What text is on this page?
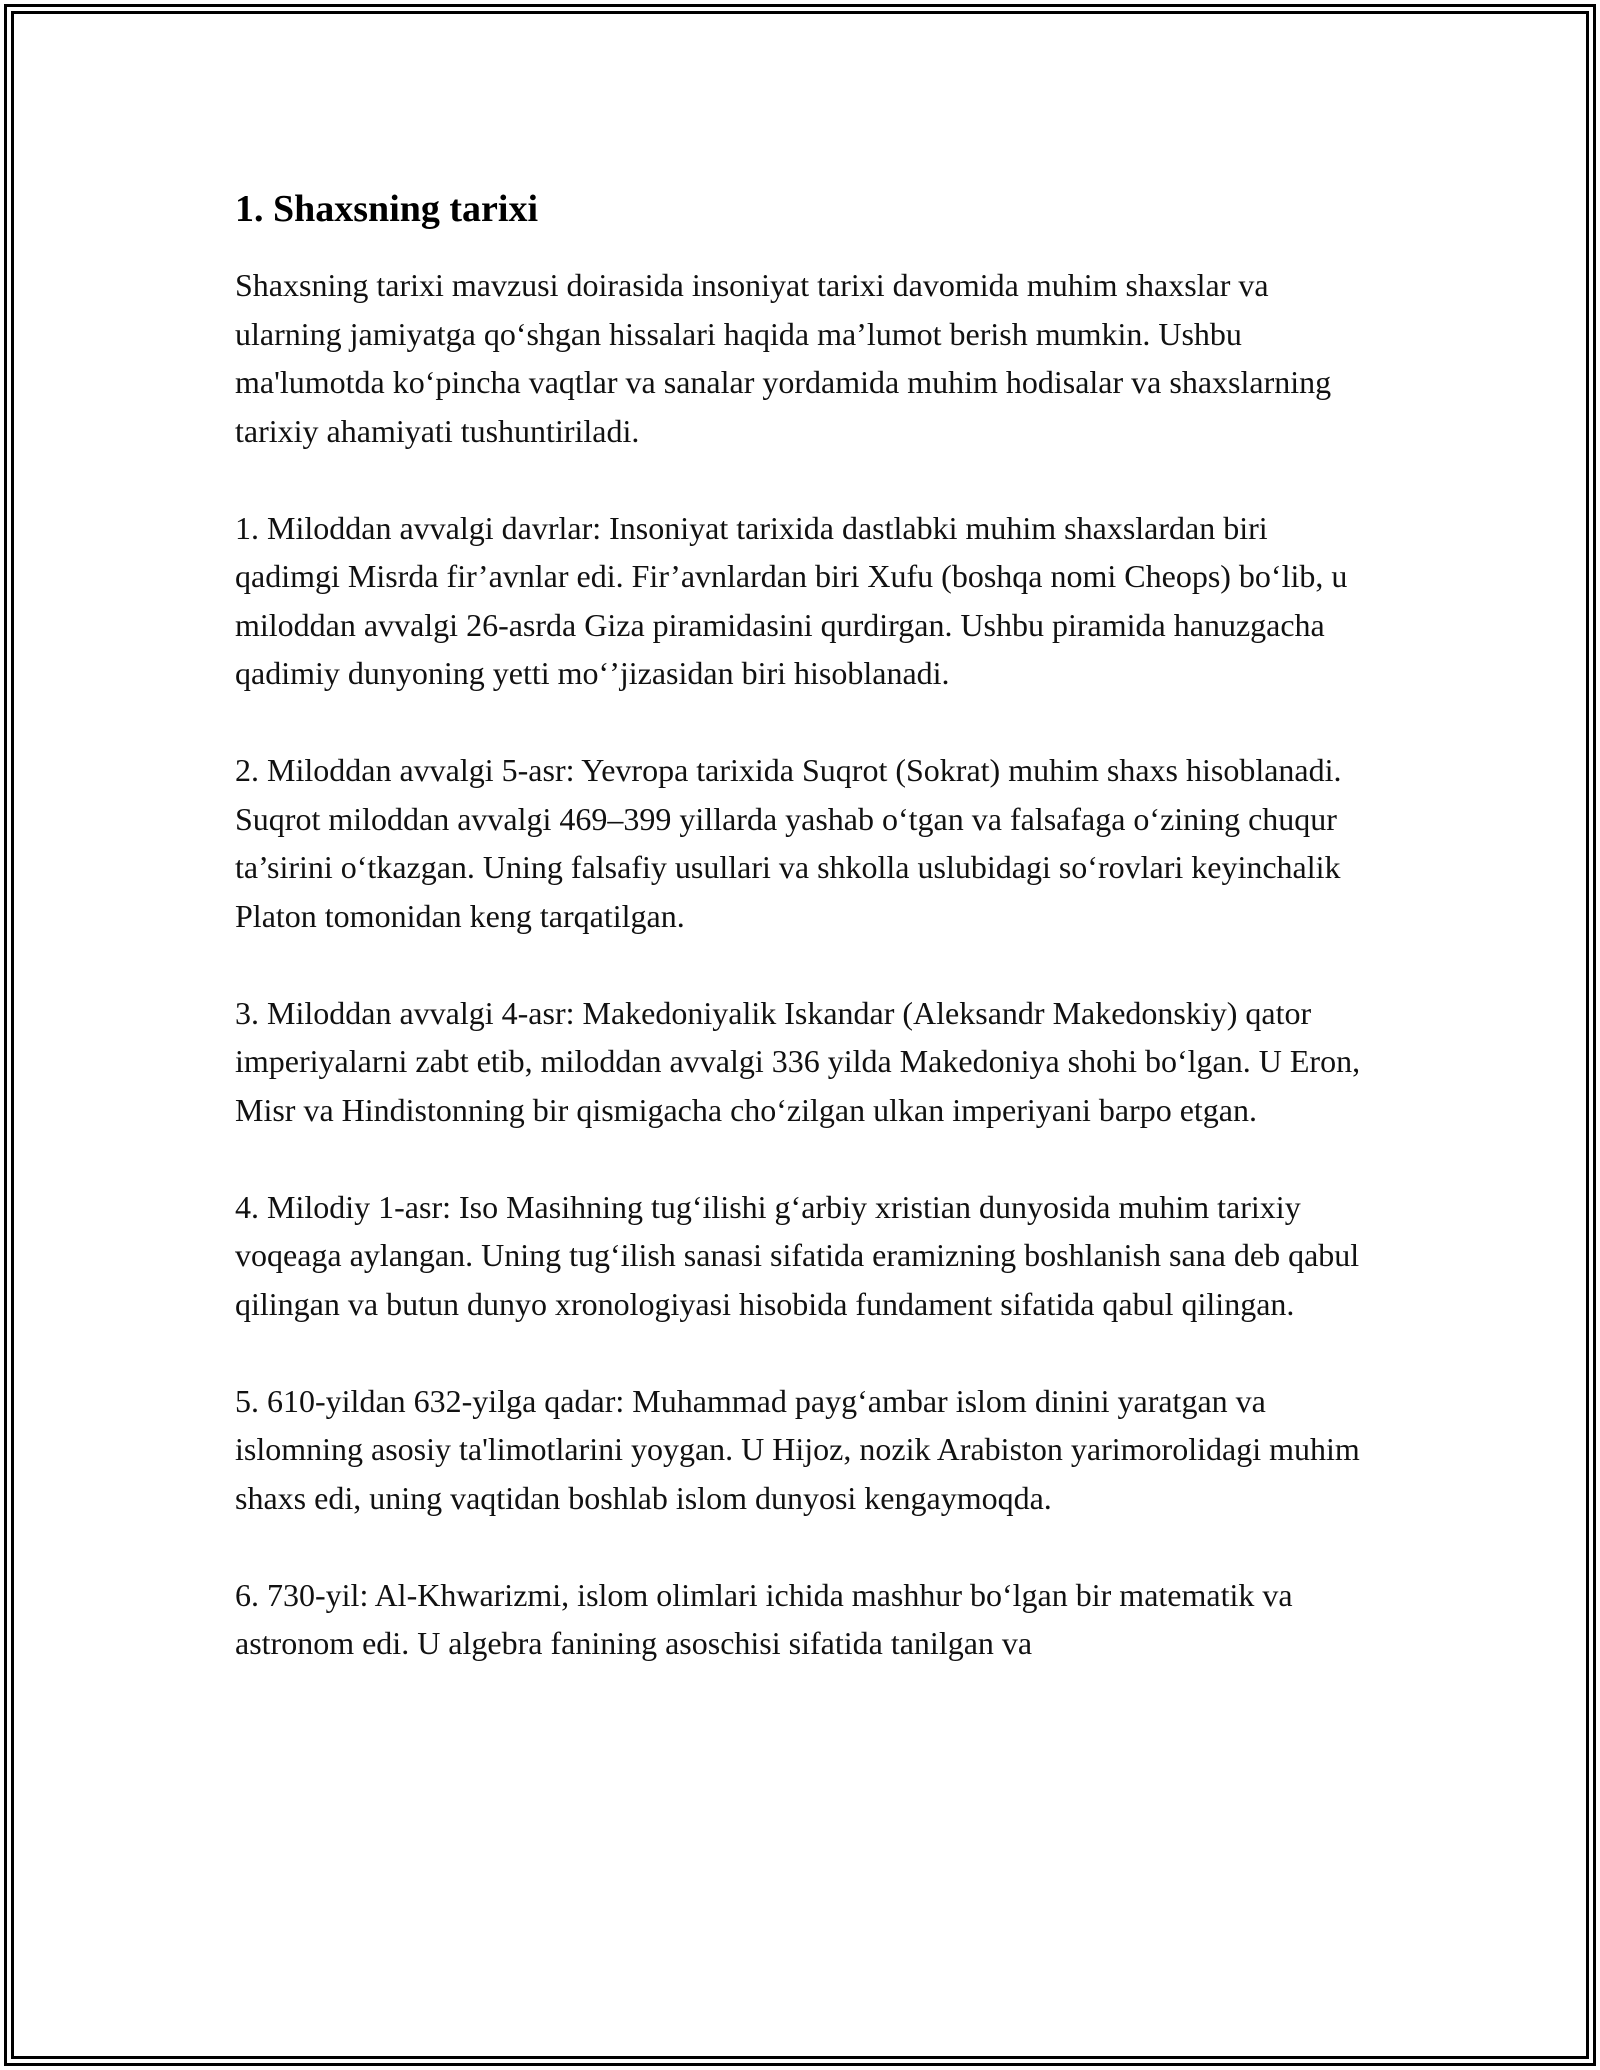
1. Shaxsning tarixi

Shaxsning tarixi mavzusi doirasida insoniyat tarixi davomida muhim shaxslar va ularning jamiyatga qo‘shgan hissalari haqida ma’lumot berish mumkin. Ushbu ma'lumotda ko‘pincha vaqtlar va sanalar yordamida muhim hodisalar va shaxslarning tarixiy ahamiyati tushuntiriladi.

1. Miloddan avvalgi davrlar: Insoniyat tarixida dastlabki muhim shaxslardan biri qadimgi Misrda fir’avnlar edi. Fir’avnlardan biri Xufu (boshqa nomi Cheops) bo‘lib, u miloddan avvalgi 26-asrda Giza piramidasini qurdirgan. Ushbu piramida hanuzgacha qadimiy dunyoning yetti mo‘’jizasidan biri hisoblanadi.

2. Miloddan avvalgi 5-asr: Yevropa tarixida Suqrot (Sokrat) muhim shaxs hisoblanadi. Suqrot miloddan avvalgi 469–399 yillarda yashab o‘tgan va falsafaga o‘zining chuqur ta’sirini o‘tkazgan. Uning falsafiy usullari va shkolla uslubidagi so‘rovlari keyinchalik Platon tomonidan keng tarqatilgan.

3. Miloddan avvalgi 4-asr: Makedoniyalik Iskandar (Aleksandr Makedonskiy) qator imperiyalarni zabt etib, miloddan avvalgi 336 yilda Makedoniya shohi bo‘lgan. U Eron, Misr va Hindistonning bir qismigacha cho‘zilgan ulkan imperiyani barpo etgan.

4. Milodiy 1-asr: Iso Masihning tug‘ilishi g‘arbiy xristian dunyosida muhim tarixiy voqeaga aylangan. Uning tug‘ilish sanasi sifatida eramizning boshlanish sana deb qabul qilingan va butun dunyo xronologiyasi hisobida fundament sifatida qabul qilingan.

5. 610-yildan 632-yilga qadar: Muhammad payg‘ambar islom dinini yaratgan va islomning asosiy ta'limotlarini yoygan. U Hijoz, nozik Arabiston yarimorolidagi muhim shaxs edi, uning vaqtidan boshlab islom dunyosi kengaymoqda.

6. 730-yil: Al-Khwarizmi, islom olimlari ichida mashhur bo‘lgan bir matematik va astronom edi. U algebra fanining asoschisi sifatida tanilgan va
